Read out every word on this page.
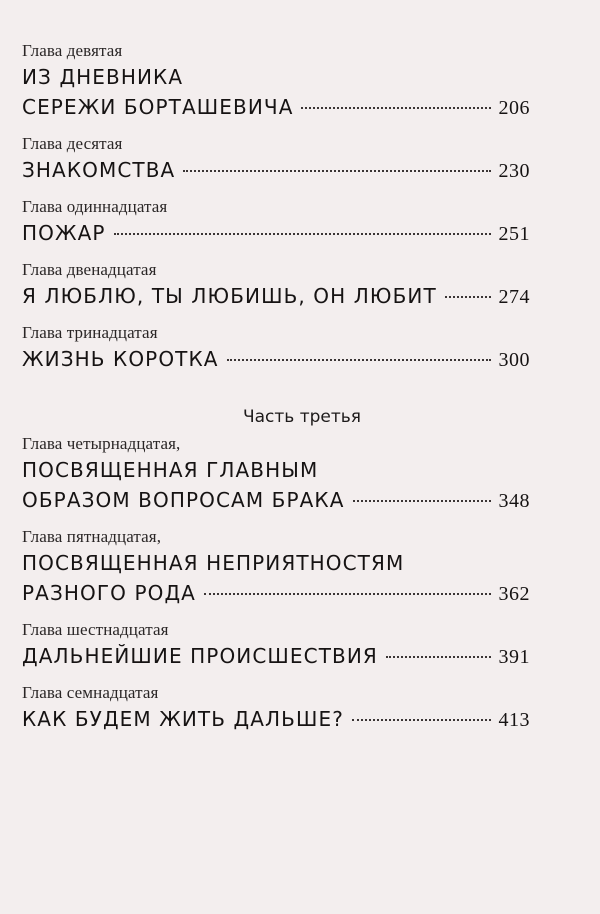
Глава девятая
ИЗ ДНЕВНИКА
СЕРЕЖИ БОРТАШЕВИЧА	206
Глава десятая
ЗНАКОМСТВА	230
Глава одиннадцатая
ПОЖАР	251
Глава двенадцатая
Я ЛЮБЛЮ, ТЫ ЛЮБИШЬ, ОН ЛЮБИТ	274
Глава тринадцатая
ЖИЗНЬ КОРОТКА	300
Часть третья
Глава четырнадцатая,
ПОСВЯЩЕННАЯ ГЛАВНЫМ
ОБРАЗОМ ВОПРОСАМ БРАКА	348
Глава пятнадцатая,
ПОСВЯЩЕННАЯ НЕПРИЯТНОСТЯМ
РАЗНОГО РОДА	362
Глава шестнадцатая
ДАЛЬНЕЙШИЕ ПРОИСШЕСТВИЯ	391
Глава семнадцатая
КАК БУДЕМ ЖИТЬ ДАЛЬШЕ?	413
